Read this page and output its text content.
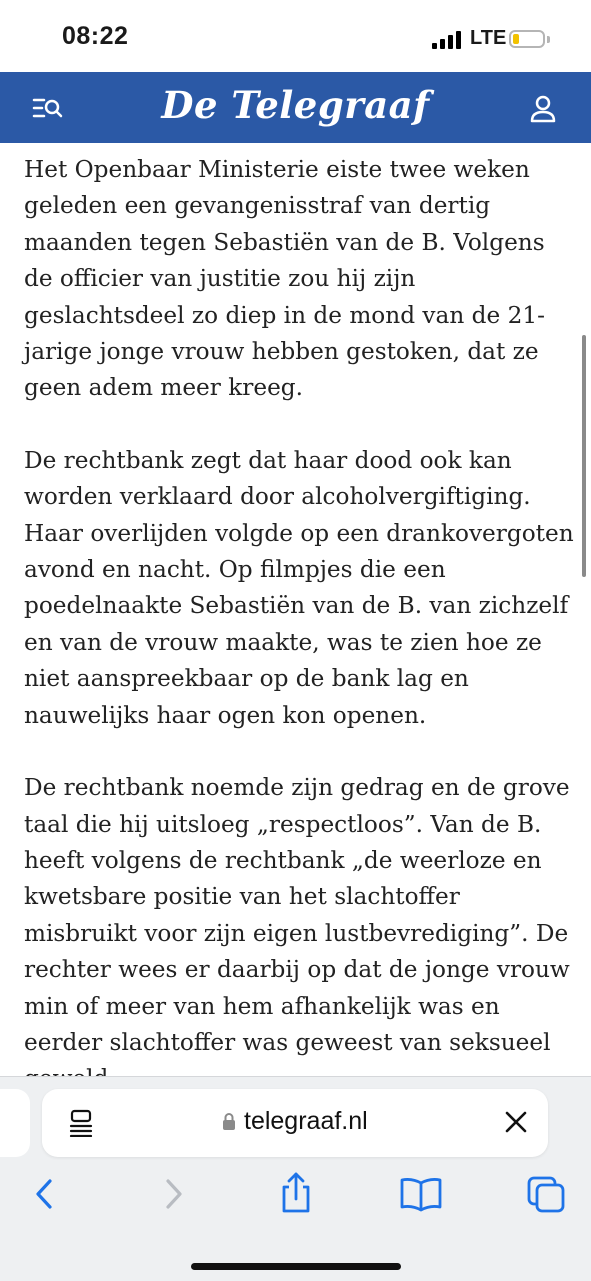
08:22	LTE
De Telegraaf

Het Openbaar Ministerie eiste twee weken geleden een gevangenisstraf van dertig maanden tegen Sebastiën van de B. Volgens de officier van justitie zou hij zijn geslachtsdeel zo diep in de mond van de 21-jarige jonge vrouw hebben gestoken, dat ze geen adem meer kreeg.

De rechtbank zegt dat haar dood ook kan worden verklaard door alcoholvergiftiging. Haar overlijden volgde op een drankovergoten avond en nacht. Op filmpjes die een poedelnaakte Sebastiën van de B. van zichzelf en van de vrouw maakte, was te zien hoe ze niet aanspreekbaar op de bank lag en nauwelijks haar ogen kon openen.

De rechtbank noemde zijn gedrag en de grove taal die hij uitsloeg „respectloos”. Van de B. heeft volgens de rechtbank „de weerloze en kwetsbare positie van het slachtoffer misbruikt voor zijn eigen lustbevrediging”. De rechter wees er daarbij op dat de jonge vrouw min of meer van hem afhankelijk was en eerder slachtoffer was geweest van seksueel

telegraaf.nl
